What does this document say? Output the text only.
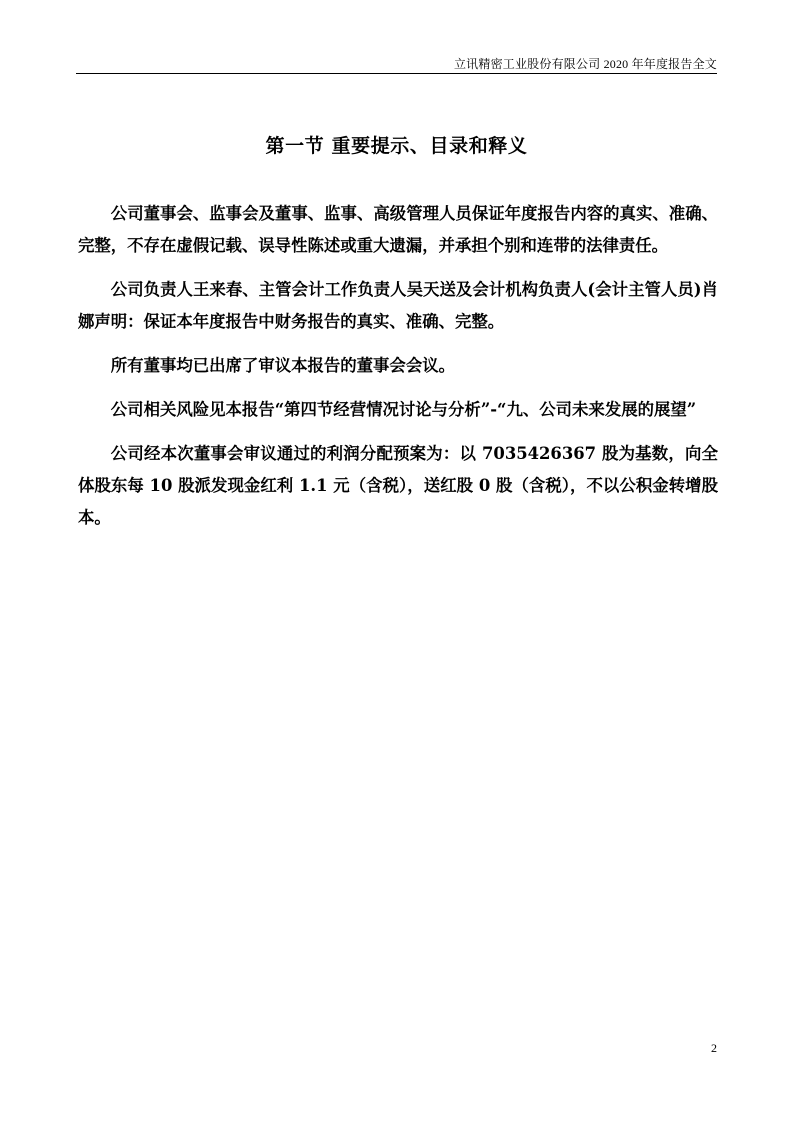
立讯精密工业股份有限公司 2020 年年度报告全文
第一节 重要提示、目录和释义

公司董事会、监事会及董事、监事、高级管理人员保证年度报告内容的真实、准确、完整，不存在虚假记载、误导性陈述或重大遗漏，并承担个别和连带的法律责任。

公司负责人王来春、主管会计工作负责人吴天送及会计机构负责人(会计主管人员)肖娜声明：保证本年度报告中财务报告的真实、准确、完整。

所有董事均已出席了审议本报告的董事会会议。

公司相关风险见本报告“第四节经营情况讨论与分析”-“九、公司未来发展的展望”

公司经本次董事会审议通过的利润分配预案为：以 7035426367 股为基数，向全体股东每 10 股派发现金红利 1.1 元（含税），送红股 0 股（含税），不以公积金转增股本。

2
